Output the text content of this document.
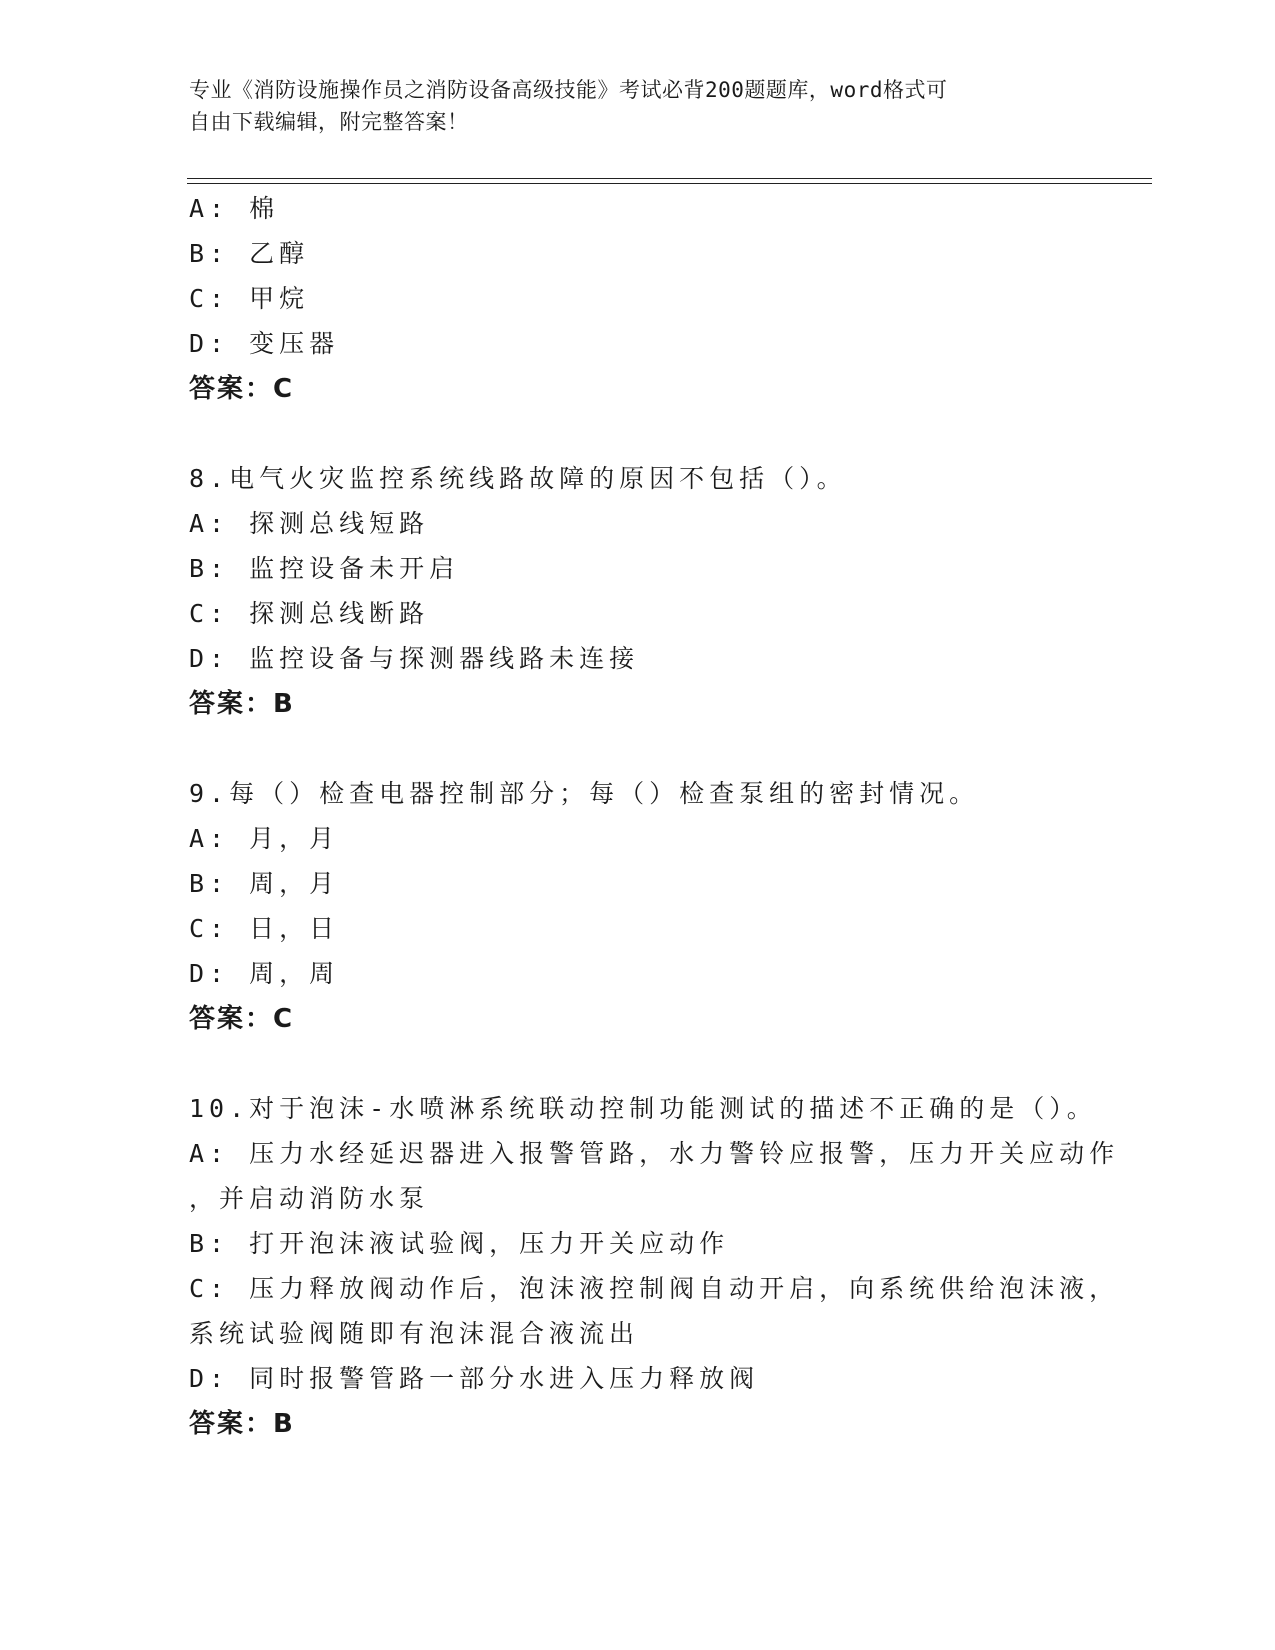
专业《消防设施操作员之消防设备高级技能》考试必背200题题库，word格式可
自由下载编辑，附完整答案！
A: 棉
B: 乙醇
C: 甲烷
D: 变压器
答案：C
8.电气火灾监控系统线路故障的原因不包括（）。
A: 探测总线短路
B: 监控设备未开启
C: 探测总线断路
D: 监控设备与探测器线路未连接
答案：B
9.每（）检查电器控制部分；每（）检查泵组的密封情况。
A: 月，月
B: 周，月
C: 日，日
D: 周，周
答案：C
10.对于泡沫-水喷淋系统联动控制功能测试的描述不正确的是（）。
A: 压力水经延迟器进入报警管路，水力警铃应报警，压力开关应动作
，并启动消防水泵
B: 打开泡沫液试验阀，压力开关应动作
C: 压力释放阀动作后，泡沫液控制阀自动开启，向系统供给泡沫液，
系统试验阀随即有泡沫混合液流出
D: 同时报警管路一部分水进入压力释放阀
答案：B
